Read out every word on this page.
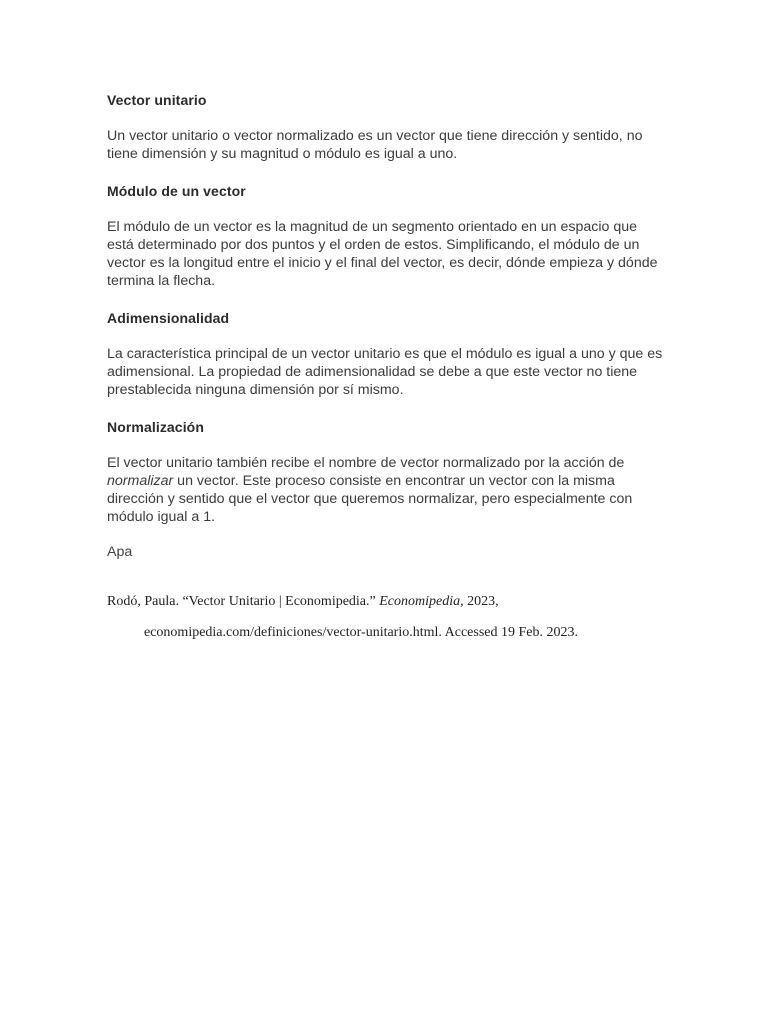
Vector unitario

Un vector unitario o vector normalizado es un vector que tiene dirección y sentido, no tiene dimensión y su magnitud o módulo es igual a uno.

Módulo de un vector

El módulo de un vector es la magnitud de un segmento orientado en un espacio que está determinado por dos puntos y el orden de estos. Simplificando, el módulo de un vector es la longitud entre el inicio y el final del vector, es decir, dónde empieza y dónde termina la flecha.

Adimensionalidad

La característica principal de un vector unitario es que el módulo es igual a uno y que es adimensional. La propiedad de adimensionalidad se debe a que este vector no tiene prestablecida ninguna dimensión por sí mismo.

Normalización

El vector unitario también recibe el nombre de vector normalizado por la acción de normalizar un vector. Este proceso consiste en encontrar un vector con la misma dirección y sentido que el vector que queremos normalizar, pero especialmente con módulo igual a 1.

Apa
Rodó, Paula. “Vector Unitario | Economipedia.” Economipedia, 2023,
economipedia.com/definiciones/vector-unitario.html. Accessed 19 Feb. 2023.
